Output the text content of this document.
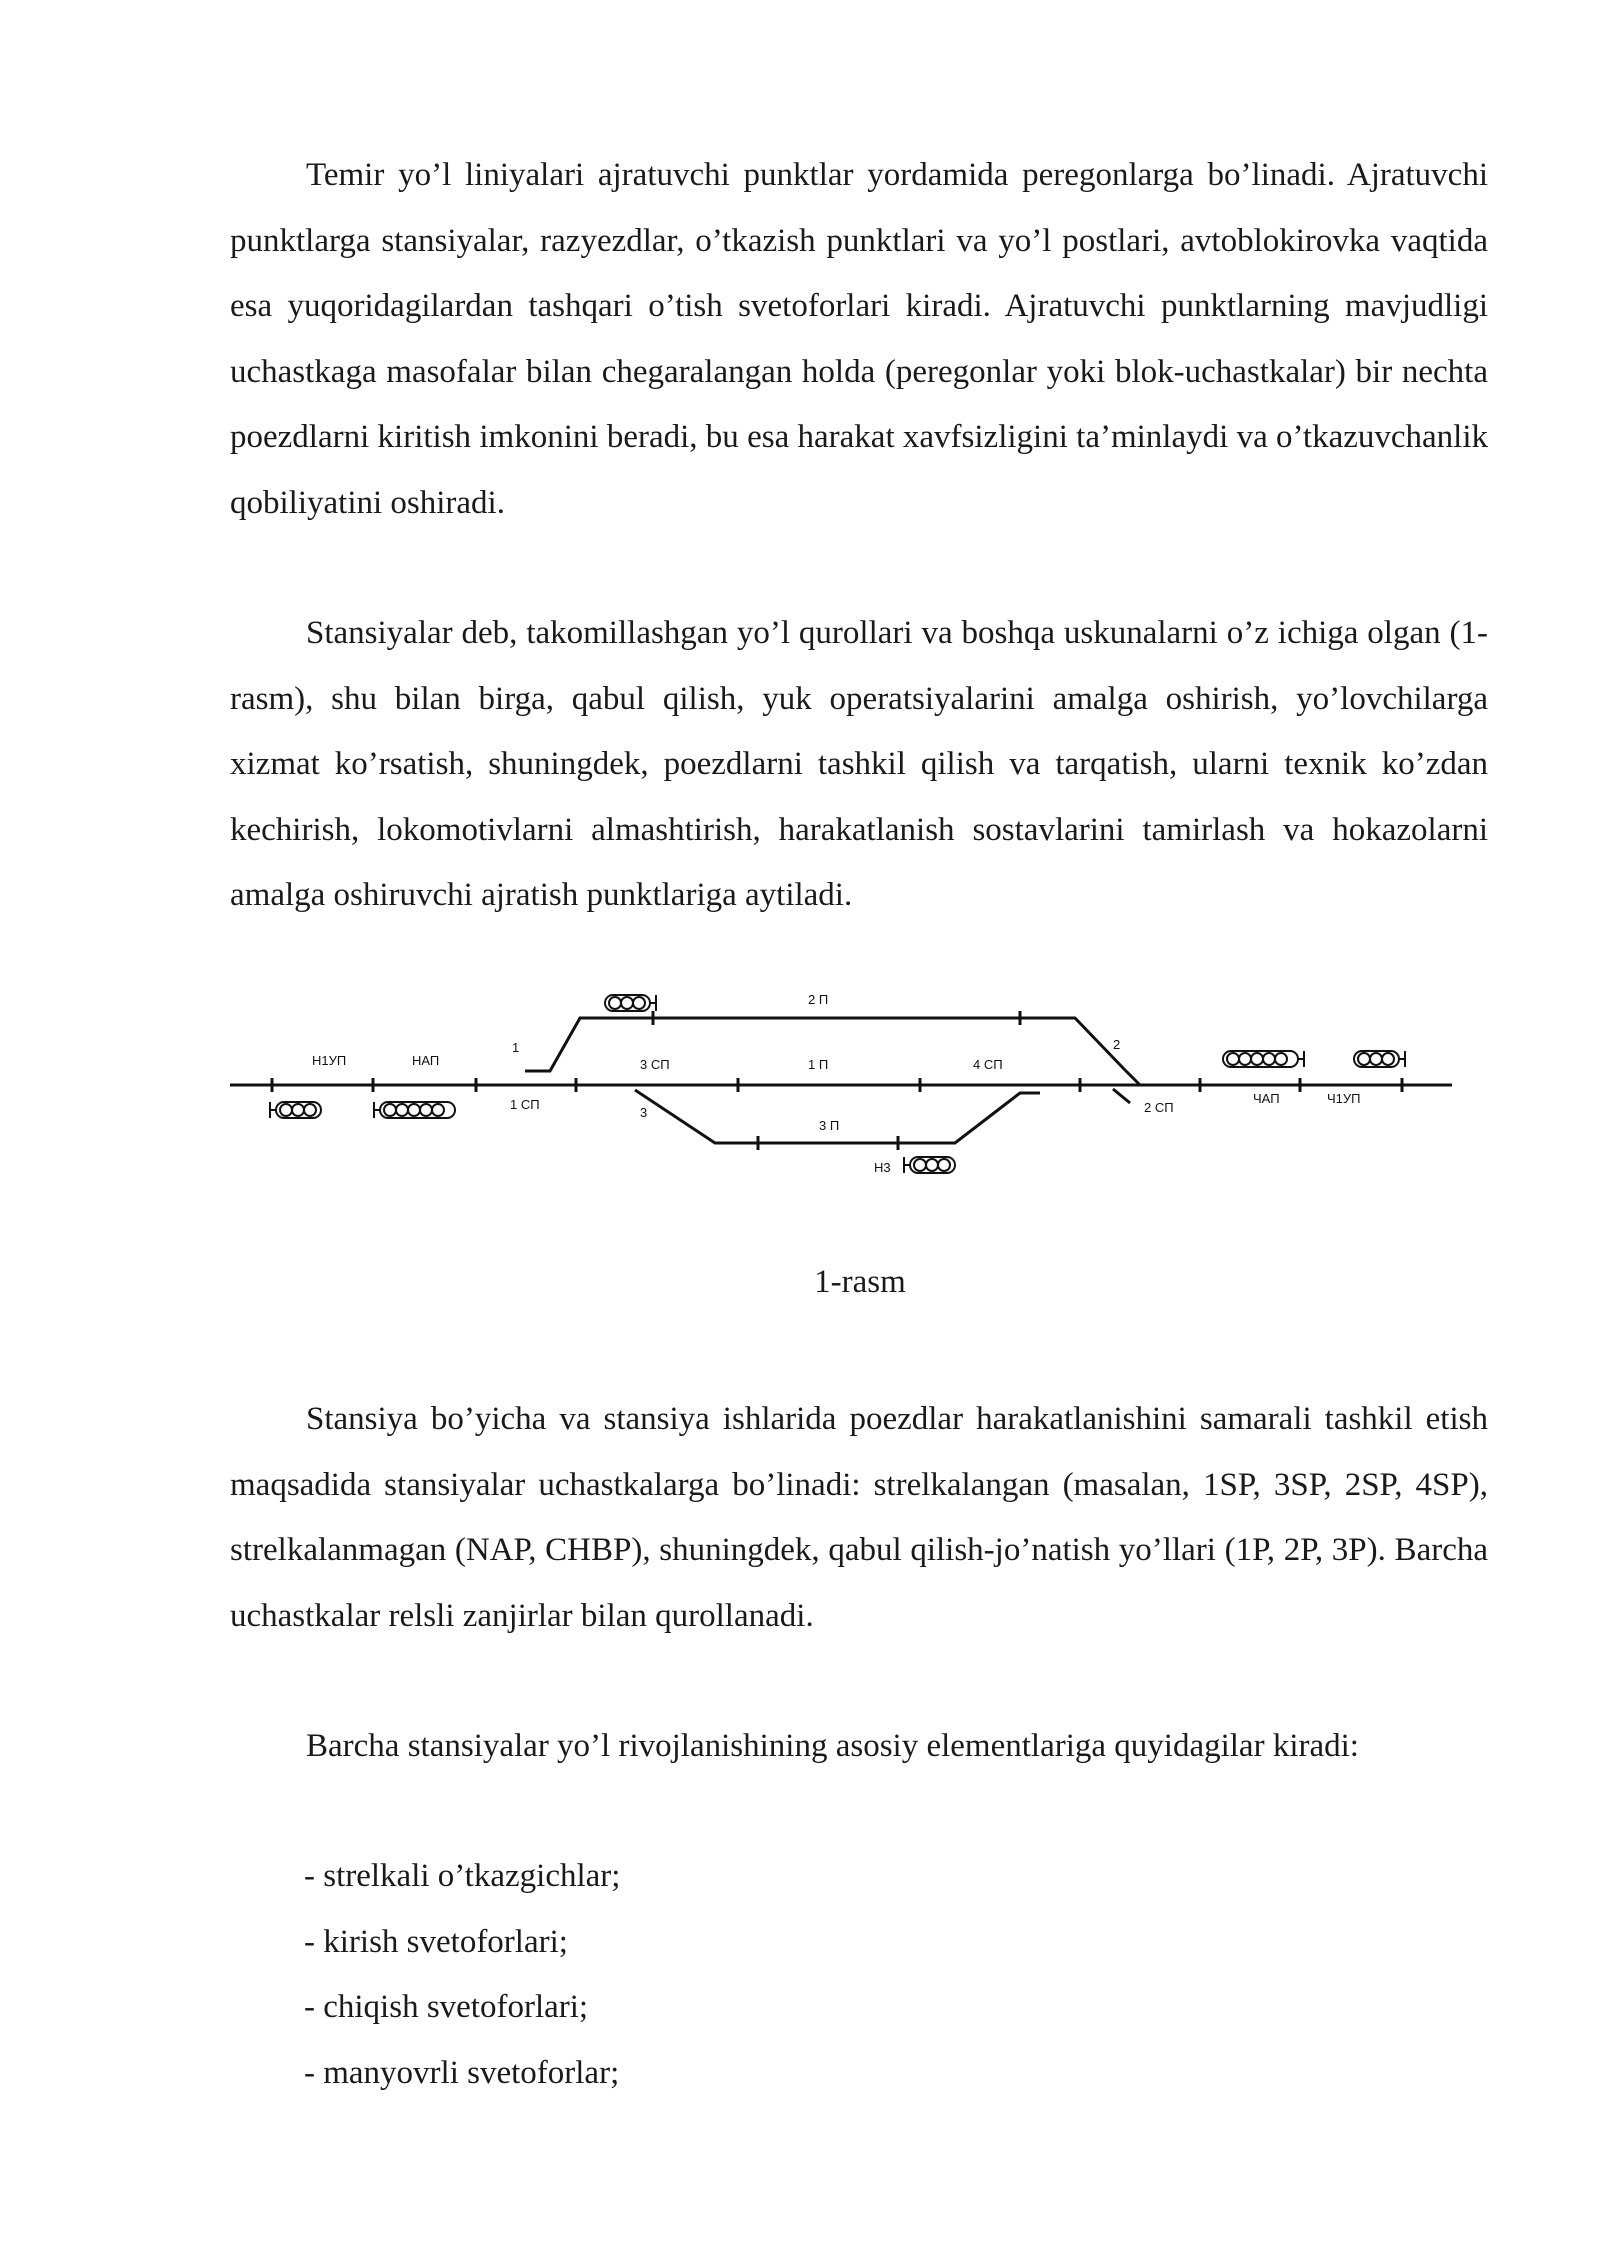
Temir yo’l liniyalari ajratuvchi punktlar yordamida peregonlarga bo’linadi. Ajratuvchi punktlarga stansiyalar, razyezdlar, o’tkazish punktlari va yo’l postlari, avtoblokirovka vaqtida esa yuqoridagilardan tashqari o’tish svetoforlari kiradi. Ajratuvchi punktlarning mavjudligi uchastkaga masofalar bilan chegaralangan holda (peregonlar yoki blok-uchastkalar) bir nechta poezdlarni kiritish imkonini beradi, bu esa harakat xavfsizligini ta’minlaydi va o’tkazuvchanlik qobiliyatini oshiradi.

Stansiyalar deb, takomillashgan yo’l qurollari va boshqa uskunalarni o’z ichiga olgan (1-rasm), shu bilan birga, qabul qilish, yuk operatsiyalarini amalga oshirish, yo’lovchilarga xizmat ko’rsatish, shuningdek, poezdlarni tashkil qilish va tarqatish, ularni texnik ko’zdan kechirish, lokomotivlarni almashtirish, harakatlanish sostavlarini tamirlash va hokazolarni amalga oshiruvchi ajratish punktlariga aytiladi.

Н1УП	НАП
1
1 СП
3 СП	1 П	4 СП
2 П
2
2 СП
ЧАП	Ч1УП
3
3 П
Н3

1-rasm

Stansiya bo’yicha va stansiya ishlarida poezdlar harakatlanishini samarali tashkil etish maqsadida stansiyalar uchastkalarga bo’linadi: strelkalangan (masalan, 1SP, 3SP, 2SP, 4SP), strelkalanmagan (NAP, CHBP), shuningdek, qabul qilish-jo’natish yo’llari (1P, 2P, 3P). Barcha uchastkalar relsli zanjirlar bilan qurollanadi.

Barcha stansiyalar yo’l rivojlanishining asosiy elementlariga quyidagilar kiradi:

- strelkali o’tkazgichlar;
- kirish svetoforlari;
- chiqish svetoforlari;
- manyovrli svetoforlar;
